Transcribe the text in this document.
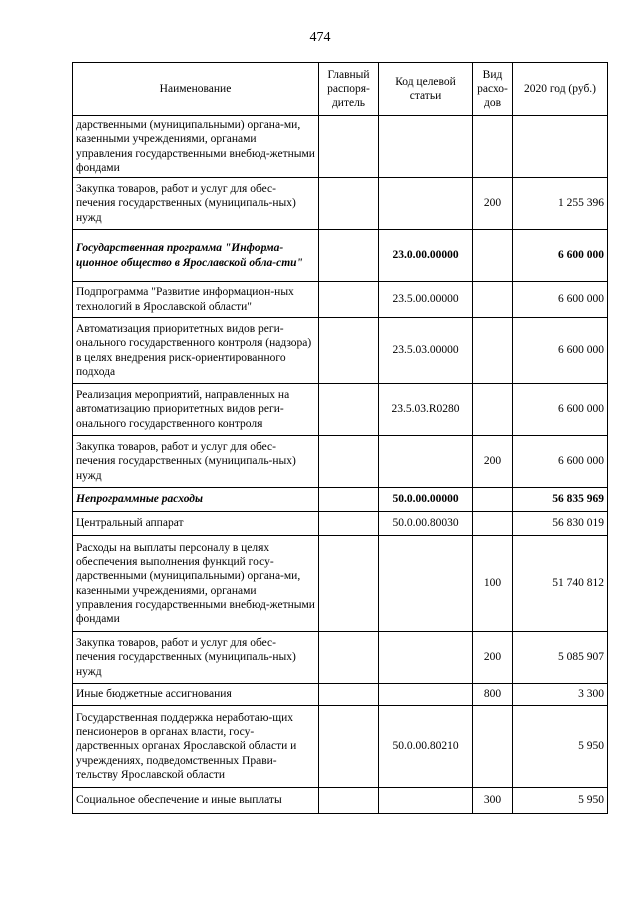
474
Наименование	Главный распоря-дитель	Код целевой статьи	Вид расхо-дов	2020 год (руб.)
дарственными (муниципальными) органа-ми, казенными учреждениями, органами управления государственными внебюд-жетными фондами				
Закупка товаров, работ и услуг для обес-печения государственных (муниципаль-ных) нужд			200	1 255 396
Государственная программа "Информа-ционное общество в Ярославской обла-сти"		23.0.00.00000		6 600 000
Подпрограмма "Развитие информацион-ных технологий в Ярославской области"		23.5.00.00000		6 600 000
Автоматизация приоритетных видов реги-онального государственного контроля (надзора) в целях внедрения риск-ориентированного подхода		23.5.03.00000		6 600 000
Реализация мероприятий, направленных на автоматизацию приоритетных видов реги-онального государственного контроля		23.5.03.R0280		6 600 000
Закупка товаров, работ и услуг для обес-печения государственных (муниципаль-ных) нужд			200	6 600 000
Непрограммные расходы		50.0.00.00000		56 835 969
Центральный аппарат		50.0.00.80030		56 830 019
Расходы на выплаты персоналу в целях обеспечения выполнения функций госу-дарственными (муниципальными) органа-ми, казенными учреждениями, органами управления государственными внебюд-жетными фондами			100	51 740 812
Закупка товаров, работ и услуг для обес-печения государственных (муниципаль-ных) нужд			200	5 085 907
Иные бюджетные ассигнования			800	3 300
Государственная поддержка неработаю-щих пенсионеров в органах власти, госу-дарственных органах Ярославской области и учреждениях, подведомственных Прави-тельству Ярославской области		50.0.00.80210		5 950
Социальное обеспечение и иные выплаты			300	5 950
